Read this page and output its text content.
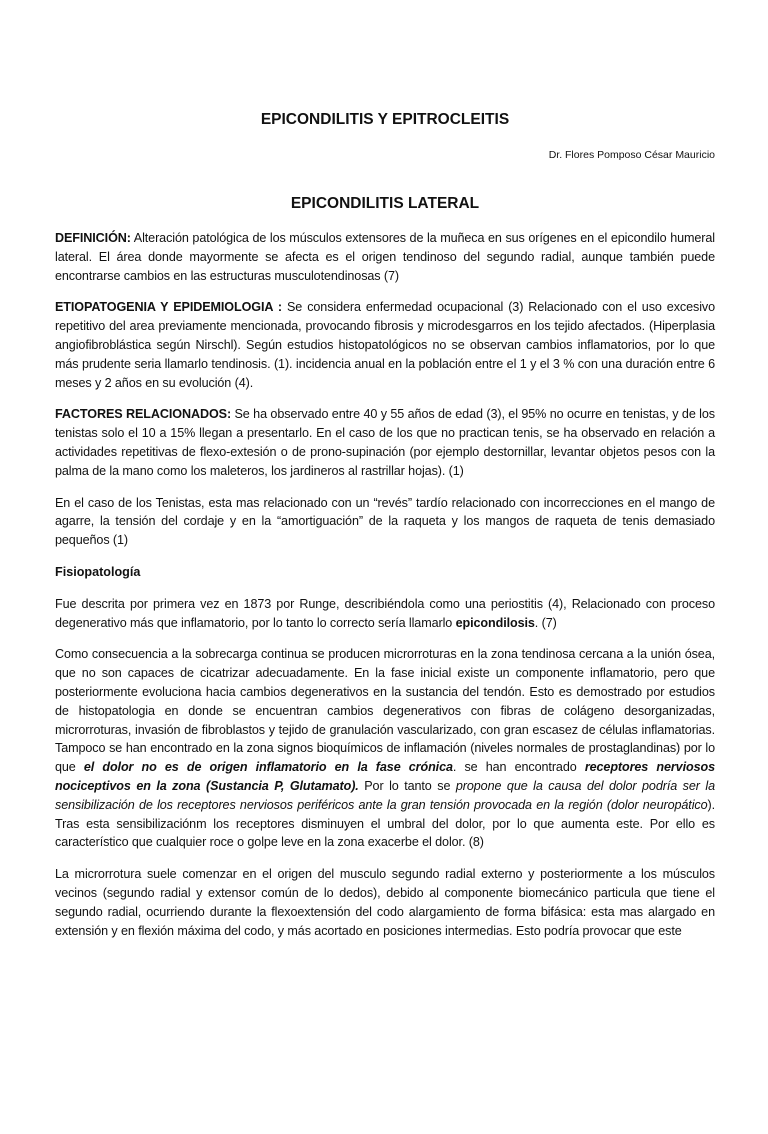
EPICONDILITIS Y EPITROCLEITIS
Dr. Flores Pomposo César Mauricio
EPICONDILITIS LATERAL

DEFINICIÓN: Alteración patológica de los músculos extensores de la muñeca en sus orígenes en el epicondilo humeral lateral. El área donde mayormente se afecta es el origen tendinoso del segundo radial, aunque también puede encontrarse cambios en las estructuras musculotendinosas (7)

ETIOPATOGENIA Y EPIDEMIOLOGIA : Se considera enfermedad ocupacional (3) Relacionado con el uso excesivo repetitivo del area previamente mencionada, provocando fibrosis y microdesgarros en los tejido afectados. (Hiperplasia angiofibroblástica según Nirschl). Según estudios histopatológicos no se observan cambios inflamatorios, por lo que más prudente seria llamarlo tendinosis. (1). incidencia anual en la población entre el 1 y el 3 % con una duración entre 6 meses y 2 años en su evolución (4).

FACTORES RELACIONADOS: Se ha observado entre 40 y 55 años de edad (3), el 95% no ocurre en tenistas, y de los tenistas solo el 10 a 15% llegan a presentarlo. En el caso de los que no practican tenis, se ha observado en relación a actividades repetitivas de flexo-extesión o de prono-supinación (por ejemplo destornillar, levantar objetos pesos con la palma de la mano como los maleteros, los jardineros al rastrillar hojas). (1)

En el caso de los Tenistas, esta mas relacionado con un “revés” tardío relacionado con incorrecciones en el mango de agarre, la tensión del cordaje y en la “amortiguación” de la raqueta y los mangos de raqueta de tenis demasiado pequeños (1)

Fisiopatología

Fue descrita por primera vez en 1873 por Runge, describiéndola como una periostitis (4), Relacionado con proceso degenerativo más que inflamatorio, por lo tanto lo correcto sería llamarlo epicondilosis. (7)

Como consecuencia a la sobrecarga continua se producen microrroturas en la zona tendinosa cercana a la unión ósea, que no son capaces de cicatrizar adecuadamente. En la fase inicial existe un componente inflamatorio, pero que posteriormente evoluciona hacia cambios degenerativos en la sustancia del tendón. Esto es demostrado por estudios de histopatologia en donde se encuentran cambios degenerativos con fibras de colágeno desorganizadas, microrroturas, invasión de fibroblastos y tejido de granulación vascularizado, con gran escasez de células inflamatorias. Tampoco se han encontrado en la zona signos bioquímicos de inflamación (niveles normales de prostaglandinas) por lo que el dolor no es de origen inflamatorio en la fase crónica. se han encontrado receptores nerviosos nociceptivos en la zona (Sustancia P, Glutamato). Por lo tanto se propone que la causa del dolor podría ser la sensibilización de los receptores nerviosos periféricos ante la gran tensión provocada en la región (dolor neuropático). Tras esta sensibilizaciónm los receptores disminuyen el umbral del dolor, por lo que aumenta este. Por ello es característico que cualquier roce o golpe leve en la zona exacerbe el dolor. (8)

La microrrotura suele comenzar en el origen del musculo segundo radial externo y posteriormente a los músculos vecinos (segundo radial y extensor común de lo dedos), debido al componente biomecánico particula que tiene el segundo radial, ocurriendo durante la flexoextensión del codo alargamiento de forma bifásica: esta mas alargado en extensión y en flexión máxima del codo, y más acortado en posiciones intermedias. Esto podría provocar que este
